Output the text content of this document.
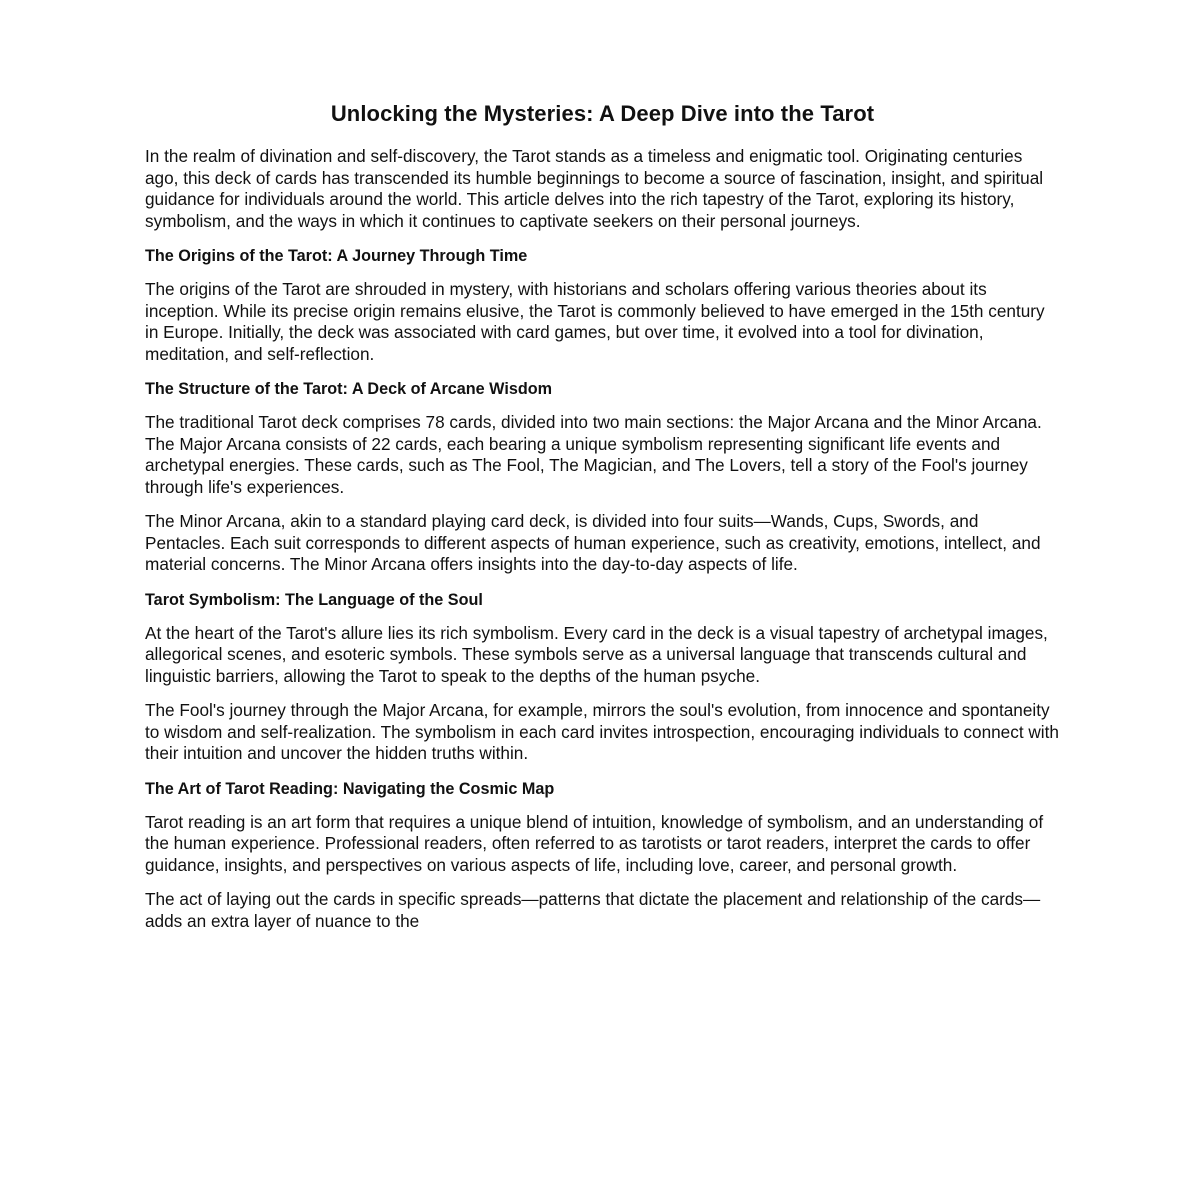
Unlocking the Mysteries: A Deep Dive into the Tarot

In the realm of divination and self-discovery, the Tarot stands as a timeless and enigmatic tool. Originating centuries ago, this deck of cards has transcended its humble beginnings to become a source of fascination, insight, and spiritual guidance for individuals around the world. This article delves into the rich tapestry of the Tarot, exploring its history, symbolism, and the ways in which it continues to captivate seekers on their personal journeys.

The Origins of the Tarot: A Journey Through Time

The origins of the Tarot are shrouded in mystery, with historians and scholars offering various theories about its inception. While its precise origin remains elusive, the Tarot is commonly believed to have emerged in the 15th century in Europe. Initially, the deck was associated with card games, but over time, it evolved into a tool for divination, meditation, and self-reflection.

The Structure of the Tarot: A Deck of Arcane Wisdom

The traditional Tarot deck comprises 78 cards, divided into two main sections: the Major Arcana and the Minor Arcana. The Major Arcana consists of 22 cards, each bearing a unique symbolism representing significant life events and archetypal energies. These cards, such as The Fool, The Magician, and The Lovers, tell a story of the Fool's journey through life's experiences.

The Minor Arcana, akin to a standard playing card deck, is divided into four suits—Wands, Cups, Swords, and Pentacles. Each suit corresponds to different aspects of human experience, such as creativity, emotions, intellect, and material concerns. The Minor Arcana offers insights into the day-to-day aspects of life.

Tarot Symbolism: The Language of the Soul

At the heart of the Tarot's allure lies its rich symbolism. Every card in the deck is a visual tapestry of archetypal images, allegorical scenes, and esoteric symbols. These symbols serve as a universal language that transcends cultural and linguistic barriers, allowing the Tarot to speak to the depths of the human psyche.

The Fool's journey through the Major Arcana, for example, mirrors the soul's evolution, from innocence and spontaneity to wisdom and self-realization. The symbolism in each card invites introspection, encouraging individuals to connect with their intuition and uncover the hidden truths within.

The Art of Tarot Reading: Navigating the Cosmic Map

Tarot reading is an art form that requires a unique blend of intuition, knowledge of symbolism, and an understanding of the human experience. Professional readers, often referred to as tarotists or tarot readers, interpret the cards to offer guidance, insights, and perspectives on various aspects of life, including love, career, and personal growth.

The act of laying out the cards in specific spreads—patterns that dictate the placement and relationship of the cards—adds an extra layer of nuance to the
